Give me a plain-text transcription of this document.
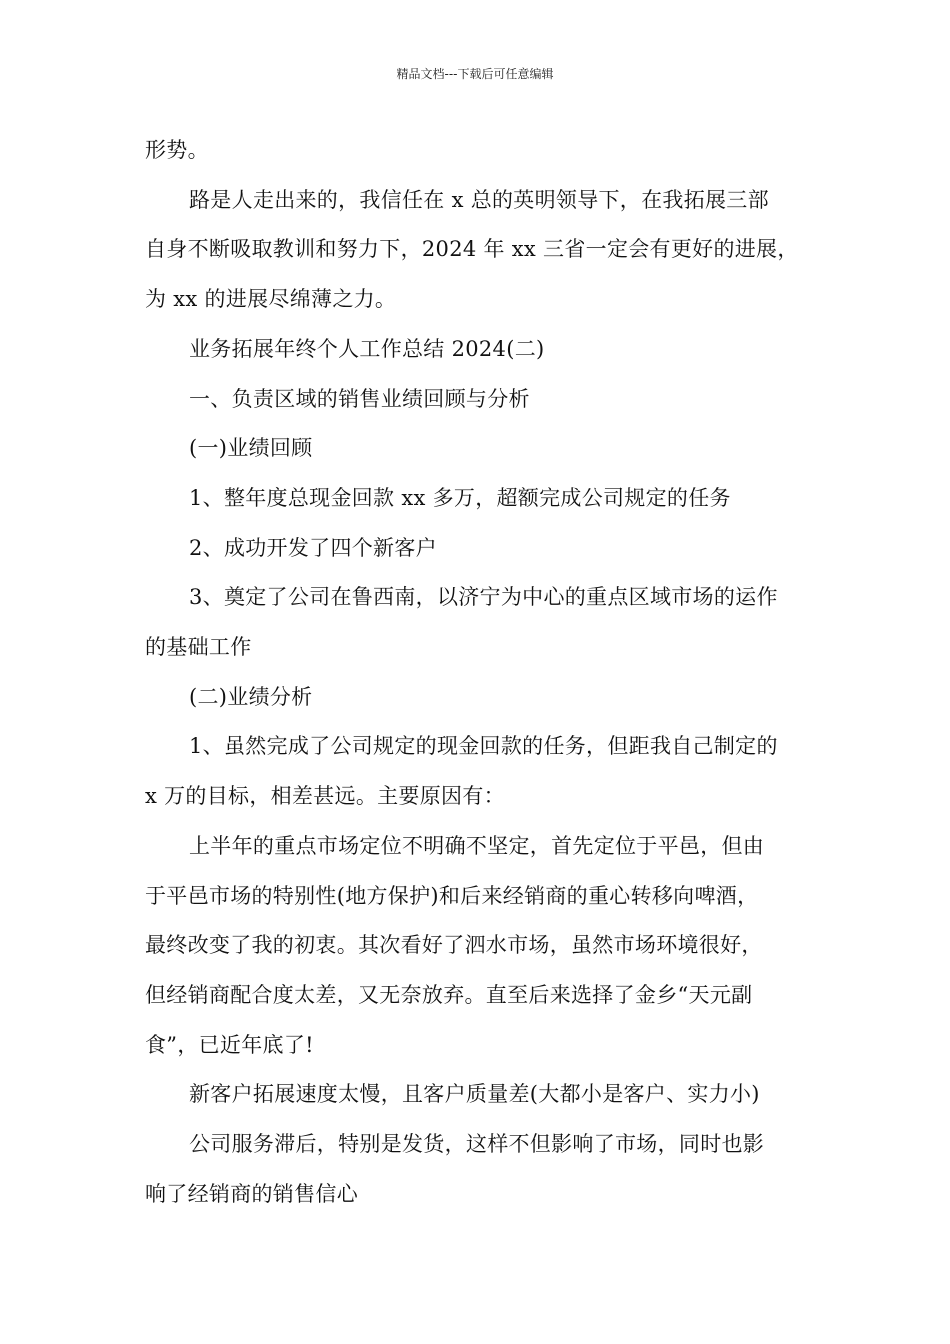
精品文档---下载后可任意编辑
形势。
路是人走出来的，我信任在 x 总的英明领导下，在我拓展三部
自身不断吸取教训和努力下，2024 年 xx 三省一定会有更好的进展，
为 xx 的进展尽绵薄之力。
业务拓展年终个人工作总结 2024(二)
一、负责区域的销售业绩回顾与分析
(一)业绩回顾
1、整年度总现金回款 xx 多万，超额完成公司规定的任务
2、成功开发了四个新客户
3、奠定了公司在鲁西南，以济宁为中心的重点区域市场的运作
的基础工作
(二)业绩分析
1、虽然完成了公司规定的现金回款的任务，但距我自己制定的
x 万的目标，相差甚远。主要原因有：
上半年的重点市场定位不明确不坚定，首先定位于平邑，但由
于平邑市场的特别性(地方保护)和后来经销商的重心转移向啤酒，
最终改变了我的初衷。其次看好了泗水市场，虽然市场环境很好，
但经销商配合度太差，又无奈放弃。直至后来选择了金乡“天元副
食”，已近年底了!
新客户拓展速度太慢，且客户质量差(大都小是客户、实力小)
公司服务滞后，特别是发货，这样不但影响了市场，同时也影
响了经销商的销售信心
